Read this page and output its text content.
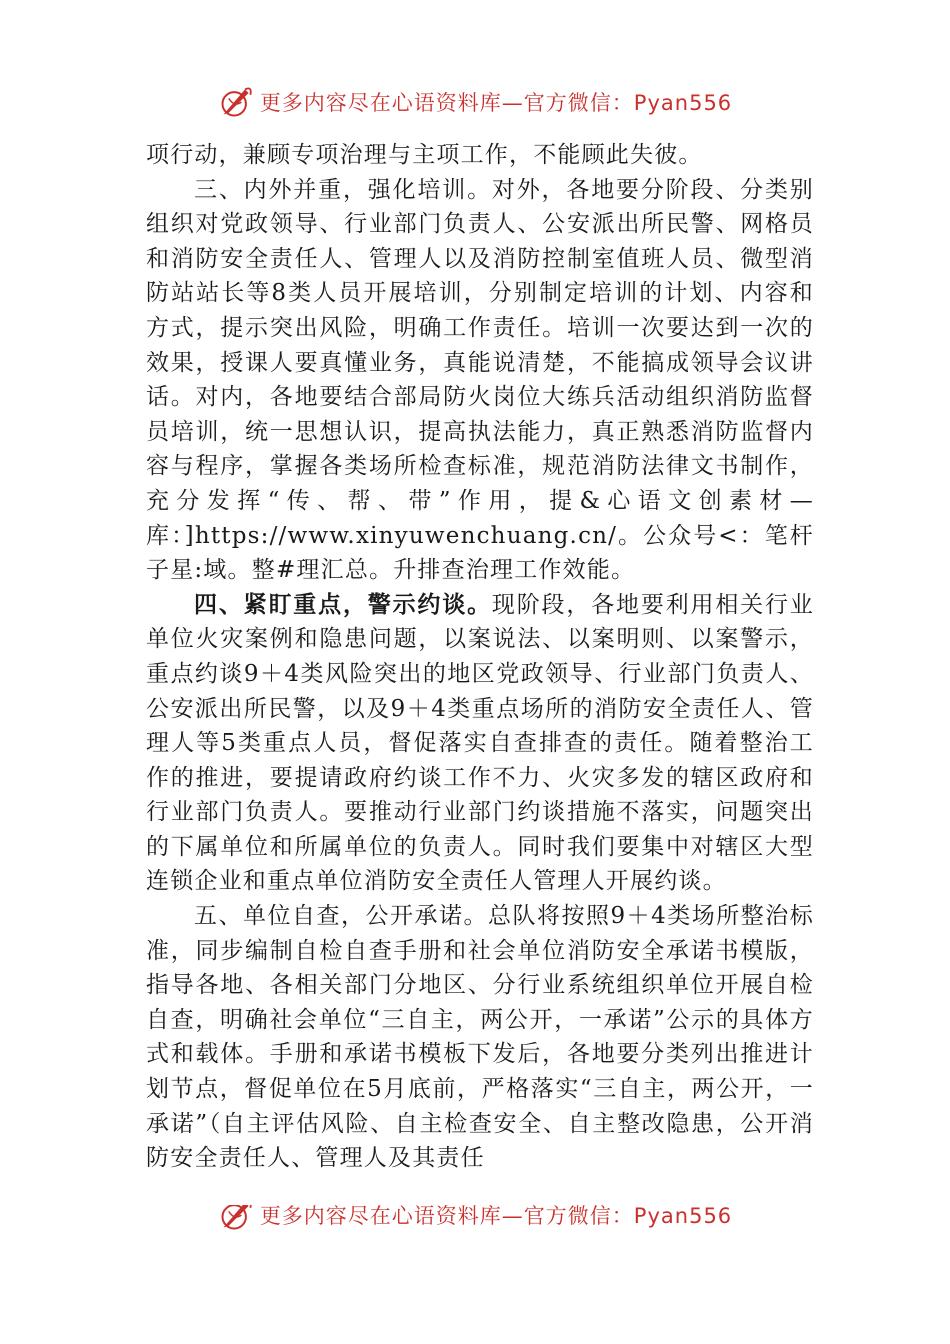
更多内容尽在心语资料库—官方微信：Pyan556

项行动，兼顾专项治理与主项工作，不能顾此失彼。

三、内外并重，强化培训。对外，各地要分阶段、分类别组织对党政领导、行业部门负责人、公安派出所民警、网格员和消防安全责任人、管理人以及消防控制室值班人员、微型消防站站长等8类人员开展培训，分别制定培训的计划、内容和方式，提示突出风险，明确工作责任。培训一次要达到一次的效果，授课人要真懂业务，真能说清楚，不能搞成领导会议讲话。对内，各地要结合部局防火岗位大练兵活动组织消防监督员培训，统一思想认识，提高执法能力，真正熟悉消防监督内容与程序，掌握各类场所检查标准，规范消防法律文书制作，充分发挥“传、帮、带”作用，提&心语文创素材—库：]https://www.xinyuwenchuang.cn/。公众号<：笔杆子星:域。整#理汇总。升排查治理工作效能。

四、紧盯重点，警示约谈。现阶段，各地要利用相关行业单位火灾案例和隐患问题，以案说法、以案明则、以案警示，重点约谈9＋4类风险突出的地区党政领导、行业部门负责人、公安派出所民警，以及9＋4类重点场所的消防安全责任人、管理人等5类重点人员，督促落实自查排查的责任。随着整治工作的推进，要提请政府约谈工作不力、火灾多发的辖区政府和行业部门负责人。要推动行业部门约谈措施不落实，问题突出的下属单位和所属单位的负责人。同时我们要集中对辖区大型连锁企业和重点单位消防安全责任人管理人开展约谈。

五、单位自查，公开承诺。总队将按照9＋4类场所整治标准，同步编制自检自查手册和社会单位消防安全承诺书模版，指导各地、各相关部门分地区、分行业系统组织单位开展自检自查，明确社会单位“三自主，两公开，一承诺”公示的具体方式和载体。手册和承诺书模板下发后，各地要分类列出推进计划节点，督促单位在5月底前，严格落实“三自主，两公开，一承诺”（自主评估风险、自主检查安全、自主整改隐患，公开消防安全责任人、管理人及其责任

更多内容尽在心语资料库—官方微信：Pyan556
